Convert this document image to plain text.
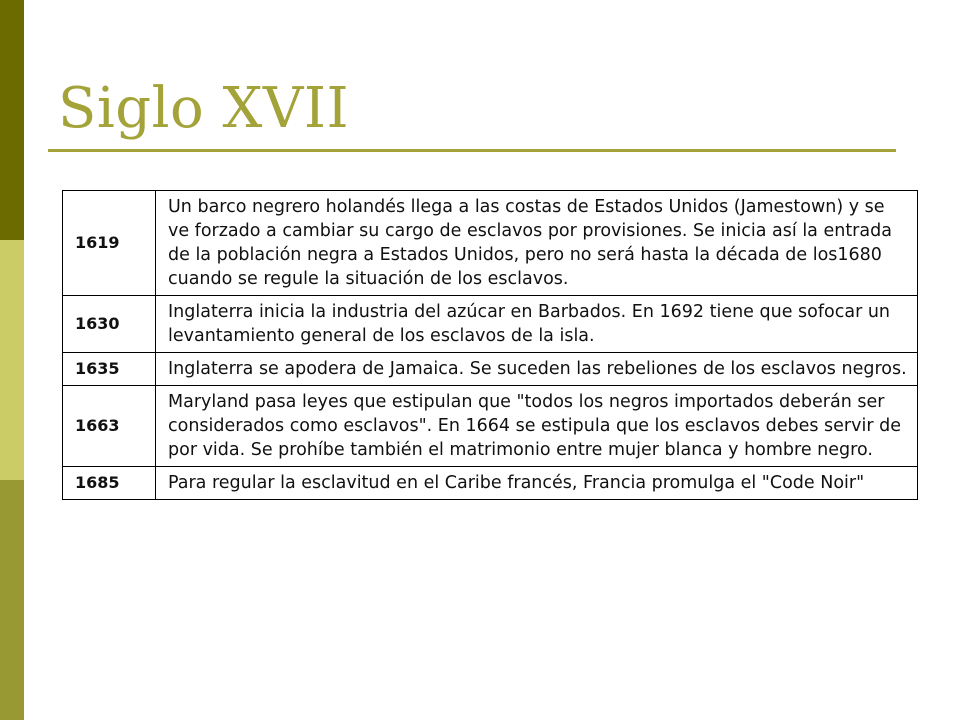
Siglo XVII
1619	Un barco negrero holandés llega a las costas de Estados Unidos (Jamestown) y se ve forzado a cambiar su cargo de esclavos por provisiones. Se inicia así la entrada de la población negra a Estados Unidos, pero no será hasta la década de los1680 cuando se regule la situación de los esclavos.
1630	Inglaterra inicia la industria del azúcar en Barbados. En 1692 tiene que sofocar un levantamiento general de los esclavos de la isla.
1635	Inglaterra se apodera de Jamaica. Se suceden las rebeliones de los esclavos negros.
1663	Maryland pasa leyes que estipulan que "todos los negros importados deberán ser considerados como esclavos". En 1664 se estipula que los esclavos debes servir de por vida. Se prohíbe también el matrimonio entre mujer blanca y hombre negro.
1685	Para regular la esclavitud en el Caribe francés, Francia promulga el "Code Noir"
